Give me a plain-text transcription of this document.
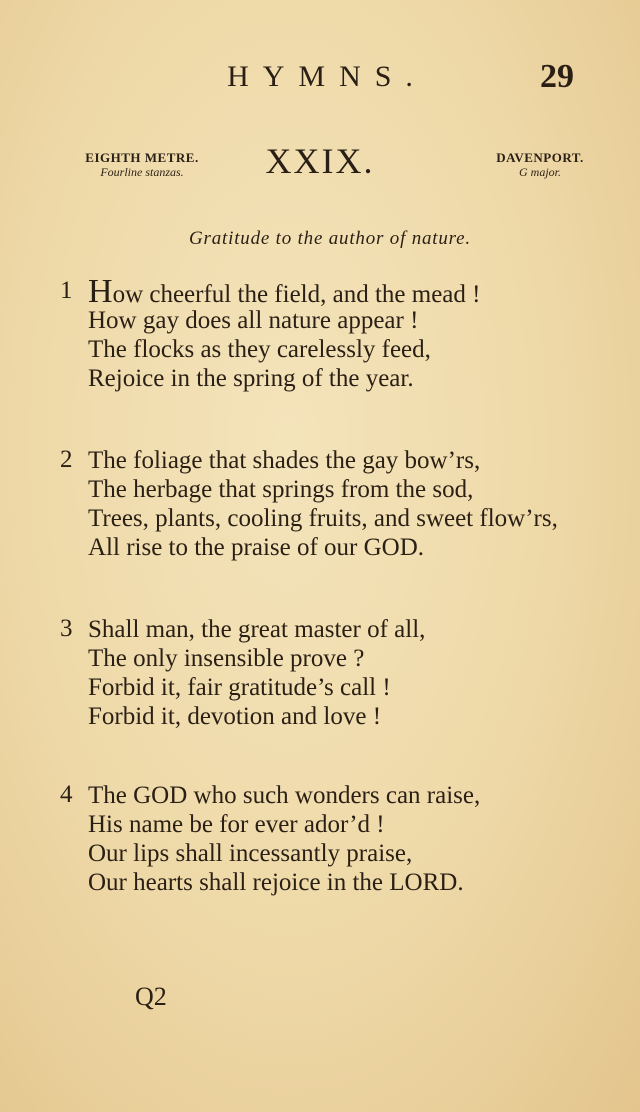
HYMNS.	29
EIGHTH METRE.
Fourline stanzas.	XXIX.	DAVENPORT.
G major.
Gratitude to the author of nature.
1 How cheerful the field, and the mead !
How gay does all nature appear !
The flocks as they carelessly feed,
Rejoice in the spring of the year.
2 The foliage that shades the gay bow’rs,
The herbage that springs from the sod,
Trees, plants, cooling fruits, and sweet flow’rs,
All rise to the praise of our GOD.
3 Shall man, the great master of all,
The only insensible prove ?
Forbid it, fair gratitude’s call !
Forbid it, devotion and love !
4 The GOD who such wonders can raise,
His name be for ever ador’d !
Our lips shall incessantly praise,
Our hearts shall rejoice in the LORD.
Q2
